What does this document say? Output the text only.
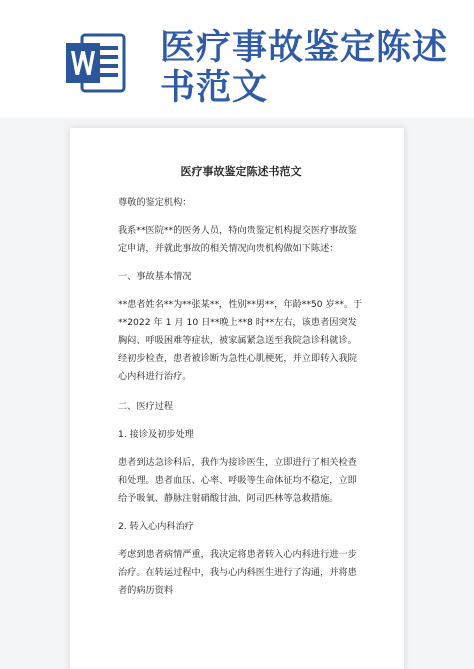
医疗事故鉴定陈述书范文
医疗事故鉴定陈述书范文

尊敬的鉴定机构：

我系**医院**的医务人员，特向贵鉴定机构提交医疗事故鉴定申请，并就此事故的相关情况向贵机构做如下陈述：

一、事故基本情况

**患者姓名**为**张某**，性别**男**，年龄**50 岁**。于**2022 年 1 月 10 日**晚上**8 时**左右，该患者因突发胸闷、呼吸困难等症状，被家属紧急送至我院急诊科就诊。经初步检查，患者被诊断为急性心肌梗死，并立即转入我院心内科进行治疗。

二、医疗过程

1. 接诊及初步处理

患者到达急诊科后，我作为接诊医生，立即进行了相关检查和处理。患者血压、心率、呼吸等生命体征均不稳定，立即给予吸氧、静脉注射硝酸甘油、阿司匹林等急救措施。

2. 转入心内科治疗

考虑到患者病情严重，我决定将患者转入心内科进行进一步治疗。在转运过程中，我与心内科医生进行了沟通，并将患者的病历资料
